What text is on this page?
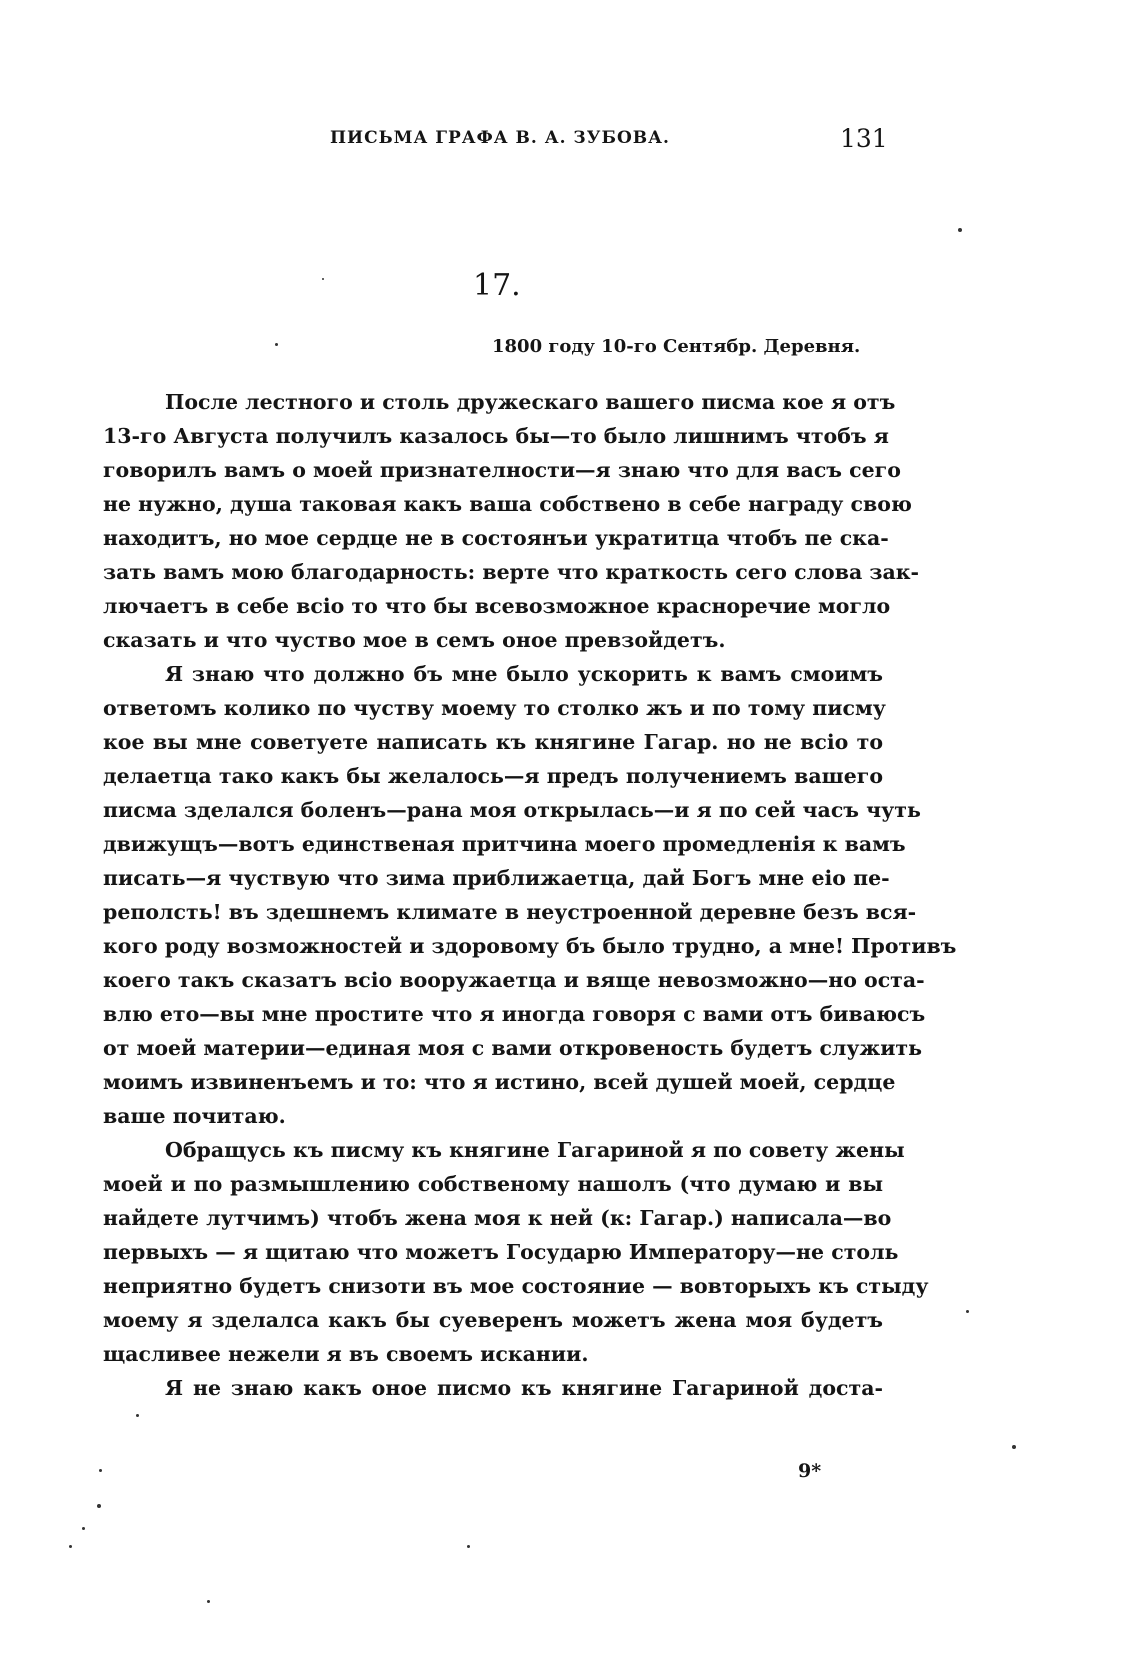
ПИСЬМА ГРАФА В. А. ЗУБОВА.	131
17.
1800 году 10-го Сентябр. Деревня.
После лестного и столь дружескаго вашего писма кое я отъ
13-го Августа получилъ казалось бы—то было лишнимъ чтобъ я
говорилъ вамъ о моей признателности—я знаю что для васъ сего
не нужно, душа таковая какъ ваша собствено в себе награду свою
находитъ, но мое сердце не в состоянъи укратитца чтобъ пе ска-
зать вамъ мою благодарность: верте что краткость сего слова зак-
лючаетъ в себе всio то что бы всевозможное красноречие могло
сказать и что чуство мое в семъ оное превзойдетъ.
Я знаю что должно бъ мне было ускорить к вамъ смоимъ
ответомъ колико по чуству моему то столко жъ и по тому писму
кое вы мне советуете написать къ княгине Гагар. но не всio то
делаетца тако какъ бы желалось—я предъ получениемъ вашего
писма зделался боленъ—рана моя открылась—и я по сей часъ чуть
движущъ—вотъ единственая притчина моего промедленiя к вамъ
писать—я чуствую что зима приближаетца, дай Богъ мне еio пе-
реполсть! въ здешнемъ климате в неустроенной деревне безъ вся-
кого роду возможностей и здоровому бъ было трудно, а мне! Противъ
коего такъ сказатъ всio вооружаетца и вяще невозможно—но оста-
влю ето—вы мне простите что я иногда говоря с вами отъ биваюсъ
от моей материи—единая моя с вами откровеность будетъ служить
моимъ извиненъемъ и то: что я истино, всей душей моей, сердце
ваше почитаю.
Обращусь къ писму къ княгине Гагариной я по совету жены
моей и по размышлению собственому нашолъ (что думаю и вы
найдете лутчимъ) чтобъ жена моя к ней (к: Гагар.) написала—во
первыхъ — я щитаю что можетъ Государю Императору—не столь
неприятно будетъ снизоти въ мое состояние — вовторыхъ къ стыду
моему я зделалса какъ бы суеверенъ можетъ жена моя будетъ
щасливее нежели я въ своемъ искании.
Я не знаю какъ оное писмо къ княгине Гагариной доста-
9*
